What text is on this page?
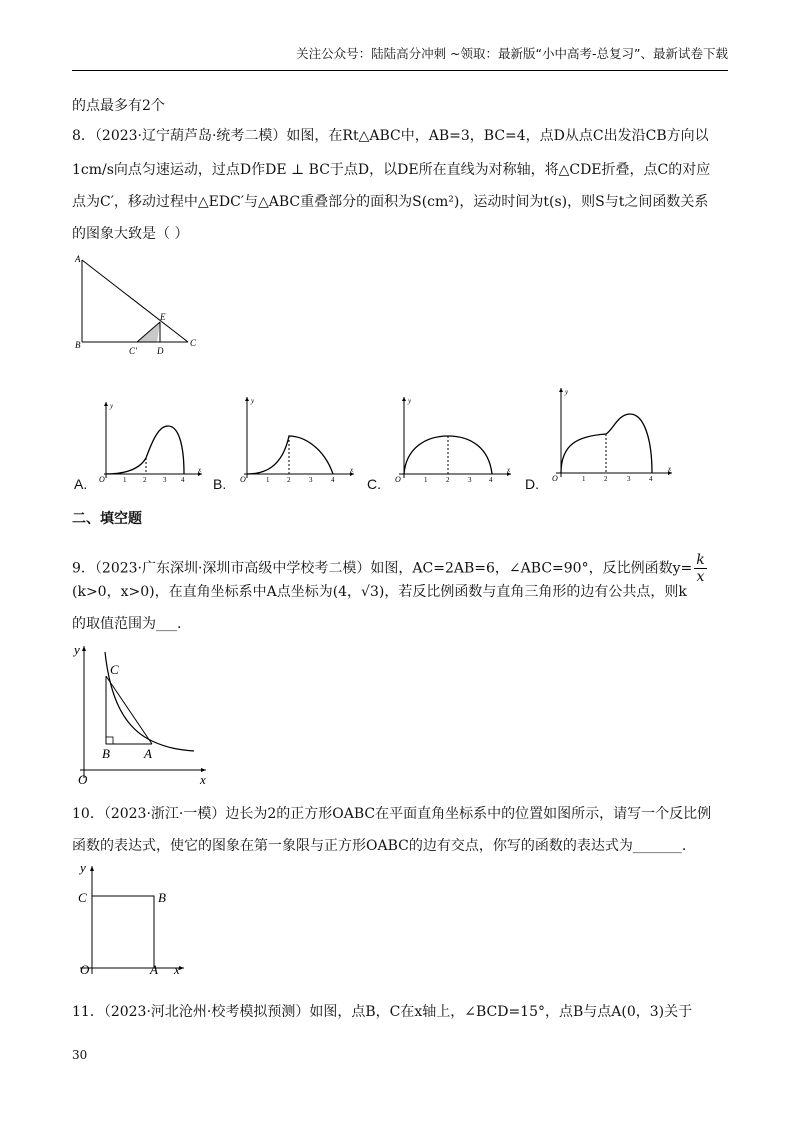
关注公众号：陆陆高分冲刺 ~领取：最新版“小中高考-总复习”、最新试卷下载
的点最多有2个
8．（2023·辽宁葫芦岛·统考二模）如图，在Rt△ABC中，AB=3，BC=4，点D从点C出发沿CB方向以
1cm/s向点匀速运动，过点D作DE ⊥ BC于点D，以DE所在直线为对称轴，将△CDE折叠，点C的对应
点为C′，移动过程中△EDC′与△ABC重叠部分的面积为S(cm²)，运动时间为t(s)，则S与t之间函数关系
的图象大致是（ ）
A
B	C
C′ D
E
y
x
O	1 2 3 4
A.
y
x
O	1	2	3	4
B.
y
x
O	1	2	3	4
C.
y
x
O	1	2	3	4
D.
二、填空题
9．（2023·广东深圳·深圳市高级中学校考二模）如图，AC=2AB=6，∠ABC=90°，反比例函数$y= \frac{k}{x}$
(k>0，x>0)，在直角坐标系中A点坐标为(4，√3)，若反比例函数与直角三角形的边有公共点，则k
的取值范围为___.
y
x
O
C
B	A
10．（2023·浙江·一模）边长为2的正方形OABC在平面直角坐标系中的位置如图所示，请写一个反比例
函数的表达式，使它的图象在第一象限与正方形OABC的边有交点，你写的函数的表达式为_______.
y
x
O
C	B
A
11．（2023·河北沧州·校考模拟预测）如图，点B，C在x轴上，∠BCD=15°，点B与点A(0，3)关于
30
